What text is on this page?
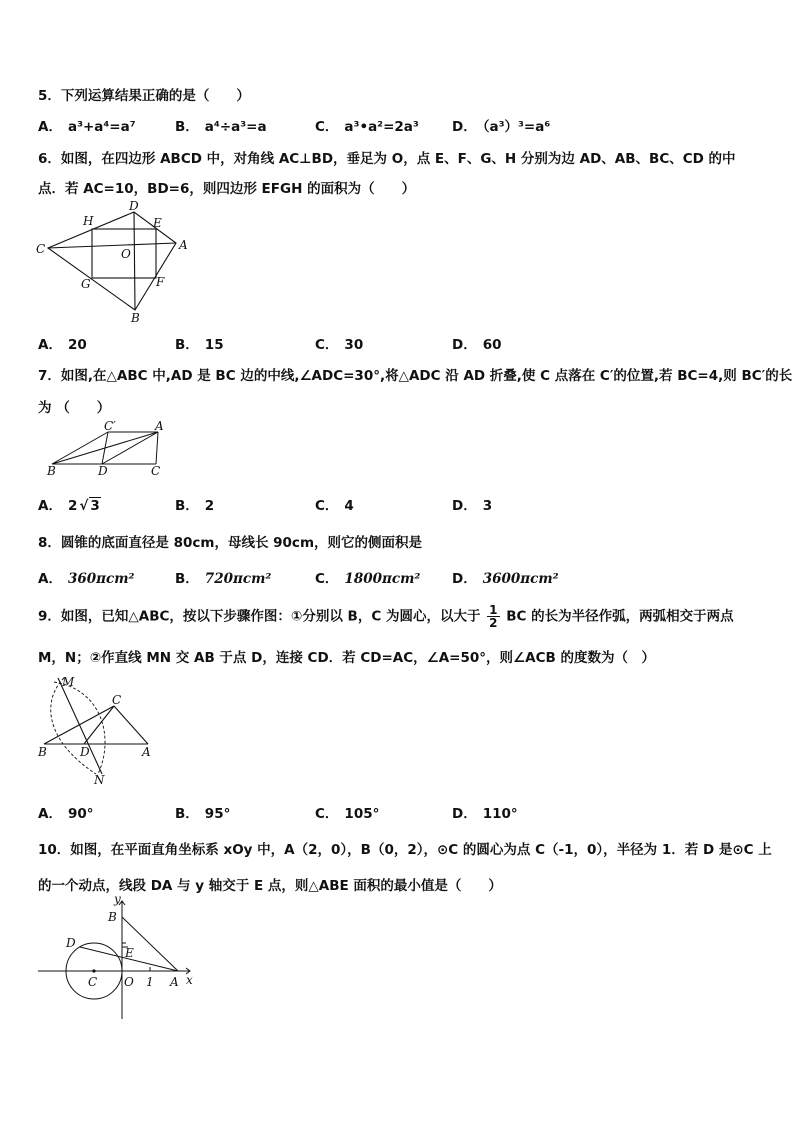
5．下列运算结果正确的是（　　）
A． a³+a⁴=a⁷	B． a⁴÷a³=a	C． a³•a²=2a³ D． （a³）³=a⁶
6．如图，在四边形 ABCD 中，对角线 AC⊥BD，垂足为 O，点 E、F、G、H 分别为边 AD、AB、BC、CD 的中
点．若 AC=10，BD=6，则四边形 EFGH 的面积为（　　）
C
D
H	E
A
O
G	F
B
A． 20	B． 15	C． 30	D． 60
7．如图,在△ABC 中,AD 是 BC 边的中线,∠ADC=30°,将△ADC 沿 AD 折叠,使 C 点落在 C′的位置,若 BC=4,则 BC′的长
为 （　　）
C′	A
B	D	C
A． 2 √ 3	B． 2	C． 4	D． 3
8．圆锥的底面直径是 80cm，母线长 90cm，则它的侧面积是
A． 360πcm²	B． 720πcm²	C． 1800πcm² D． 3600πcm²
9．如图，已知△ABC，按以下步骤作图：①分别以 B，C 为圆心，以大于 $\frac{1}{2}$ BC 的长为半径作弧，两弧相交于两点
M，N；②作直线 MN 交 AB 于点 D，连接 CD．若 CD=AC，∠A=50°，则∠ACB 的度数为（　）
M
C
B	D	A
N
A． 90°	B． 95°	C． 105°	D． 110°
10．如图，在平面直角坐标系 xOy 中，A（2，0），B（0，2），⊙C 的圆心为点 C（-1，0），半径为 1．若 D 是⊙C 上
的一个动点，线段 DA 与 y 轴交于 E 点，则△ABE 面积的最小值是（　　）
y
B
D
E
C O 1 A x
